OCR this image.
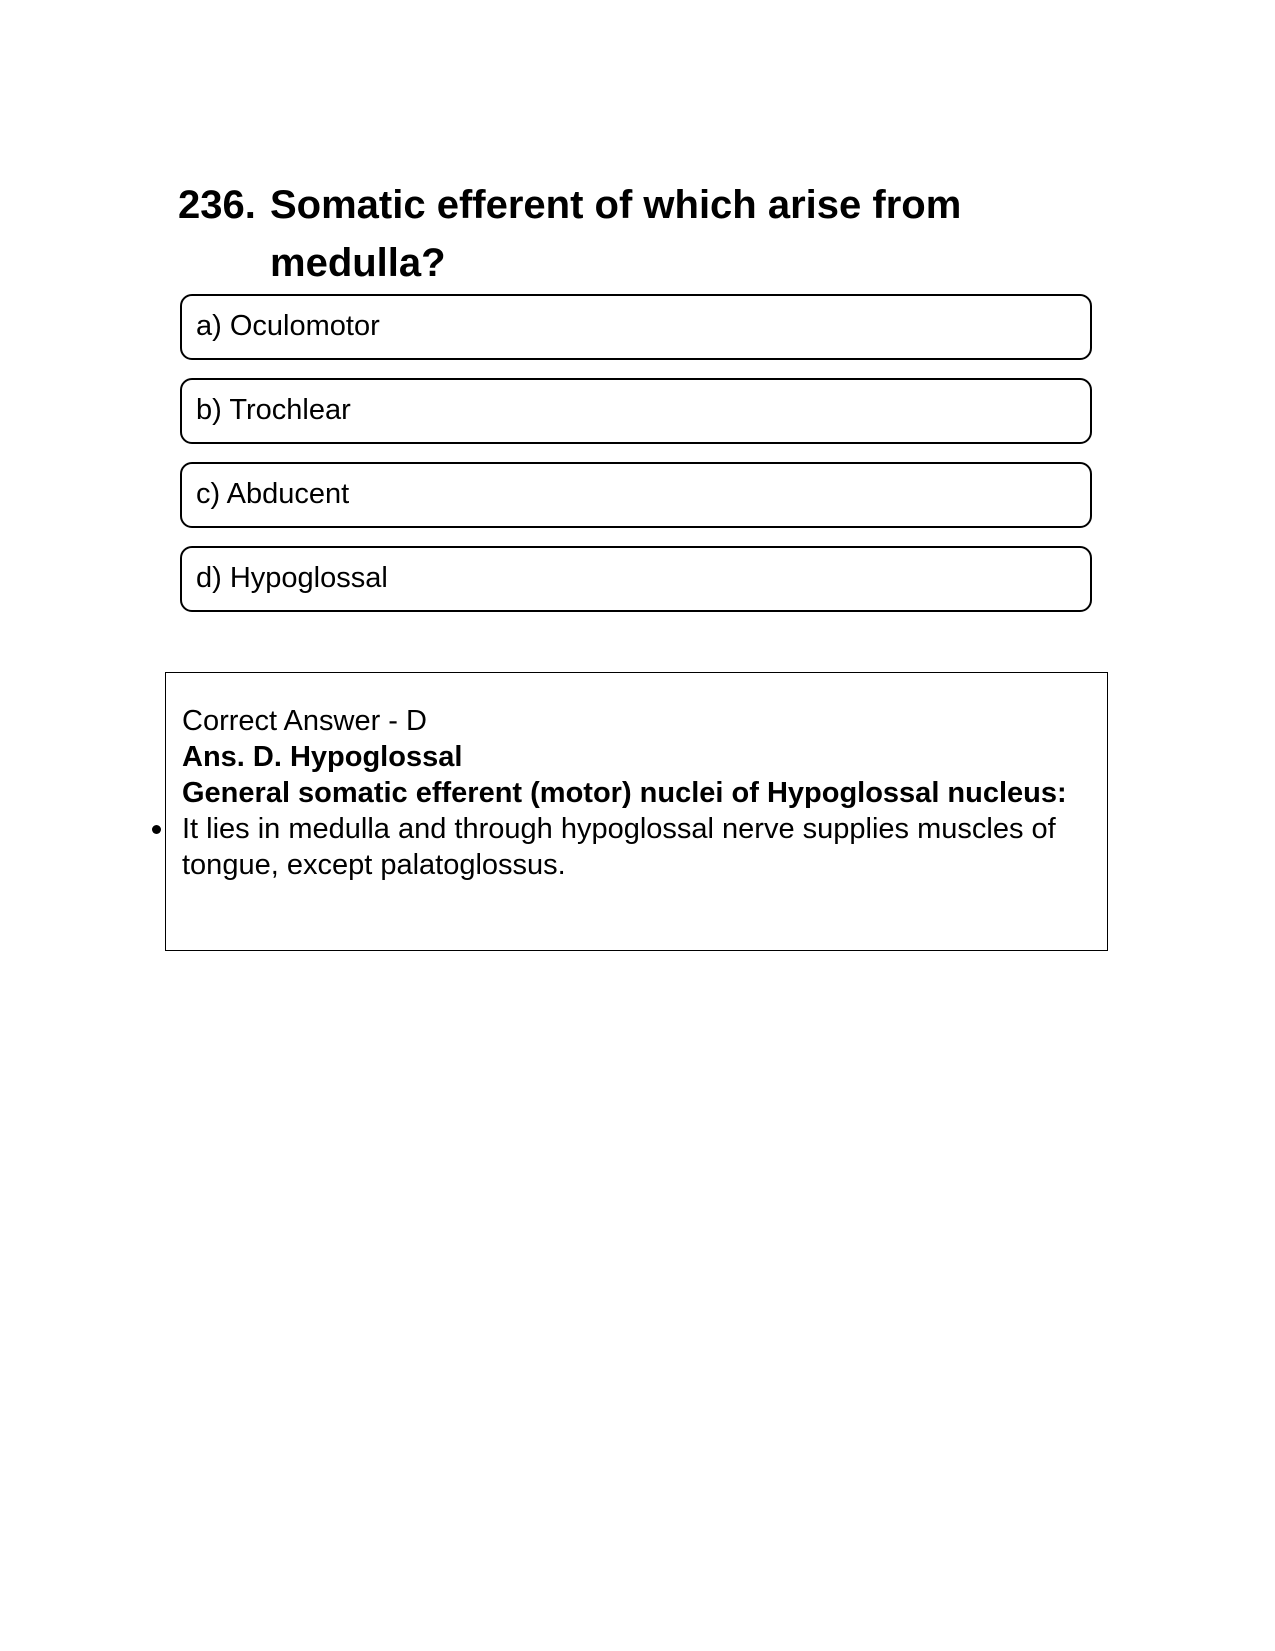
236. Somatic efferent of which arise from medulla?
a) Oculomotor
b) Trochlear
c) Abducent
d) Hypoglossal
Correct Answer - D
Ans. D. Hypoglossal
General somatic efferent (motor) nuclei of Hypoglossal nucleus:
It lies in medulla and through hypoglossal nerve supplies muscles of tongue, except palatoglossus.
